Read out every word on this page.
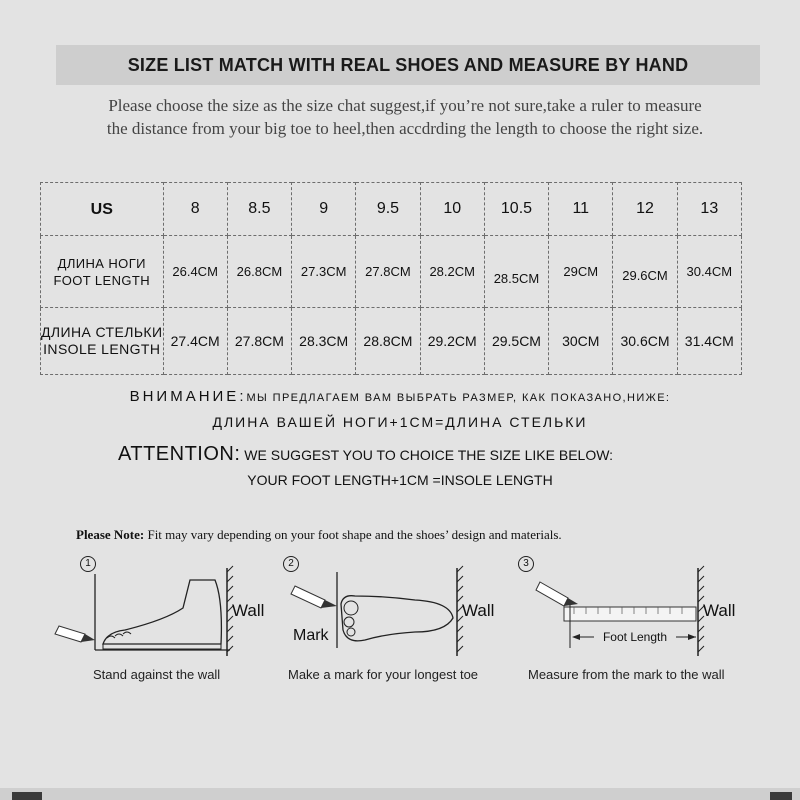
SIZE LIST MATCH WITH REAL SHOES AND MEASURE BY HAND
Please choose the size as the size chat suggest,if you’re not sure,take a ruler to measure
the distance from your big toe to heel,then accdrding the length to choose the right size.
US	8	8.5	9	9.5	10	10.5	11	12	13

ДЛИНА НОГИ
FOOT LENGTH	26.4CM	26.8CM	27.3CM	27.8CM	28.2CM	28.5CM	29CM	29.6CM	30.4CM

ДЛИНА СТЕЛЬКИ
INSOLE LENGTH	27.4CM	27.8CM	28.3CM	28.8CM	29.2CM	29.5CM	30CM	30.6CM	31.4CM
ВНИМАНИЕ:МЫ ПРЕДЛАГАЕМ ВАМ ВЫБРАТЬ РАЗМЕР, КАК ПОКАЗАНО,НИЖЕ:
ДЛИНА ВАШЕЙ НОГИ+1СМ=ДЛИНА СТЕЛЬКИ
ATTENTION: WE SUGGEST YOU TO CHOICE THE SIZE LIKE BELOW:
YOUR FOOT LENGTH+1CM =INSOLE LENGTH
Please Note: Fit may vary depending on your foot shape and the shoes’ design and materials.
1
Wall
Stand against the wall
2
Mark
Wall
Make a mark for your longest toe
3
Foot Length
Wall
Measure from the mark to the wall
